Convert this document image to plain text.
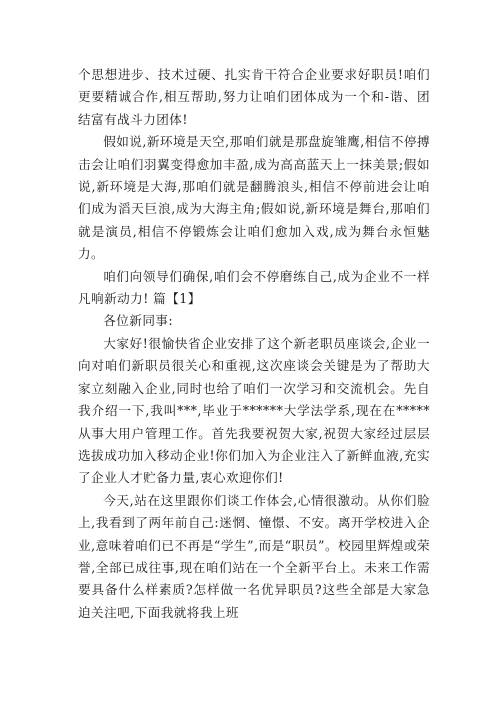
个思想进步、技术过硬、扎实肯干符合企业要求好职员!咱们更要精诚合作,相互帮助,努力让咱们团体成为一个和-谐、团结富有战斗力团体!

假如说,新环境是天空,那咱们就是那盘旋雏鹰,相信不停搏击会让咱们羽翼变得愈加丰盈,成为高高蓝天上一抹美景;假如说,新环境是大海,那咱们就是翻腾浪头,相信不停前进会让咱们成为滔天巨浪,成为大海主角;假如说,新环境是舞台,那咱们就是演员,相信不停锻炼会让咱们愈加入戏,成为舞台永恒魅力。

咱们向领导们确保,咱们会不停磨练自己,成为企业不一样凡响新动力! 篇【1】

各位新同事:

大家好!很愉快省企业安排了这个新老职员座谈会,企业一向对咱们新职员很关心和重视,这次座谈会关键是为了帮助大家立刻融入企业,同时也给了咱们一次学习和交流机会。先自我介绍一下,我叫***,毕业于******大学法学系,现在在*****从事大用户管理工作。首先我要祝贺大家,祝贺大家经过层层选拔成功加入移动企业!你们加入为企业注入了新鲜血液,充实了企业人才贮备力量,衷心欢迎你们!

今天,站在这里跟你们谈工作体会,心情很激动。从你们脸上,我看到了两年前自己:迷惘、憧憬、不安。离开学校进入企业,意味着咱们已不再是“学生”,而是“职员”。校园里辉煌或荣誉,全部已成往事,现在咱们站在一个全新平台上。未来工作需要具备什么样素质?怎样做一名优异职员?这些全部是大家急迫关注吧,下面我就将我上班
